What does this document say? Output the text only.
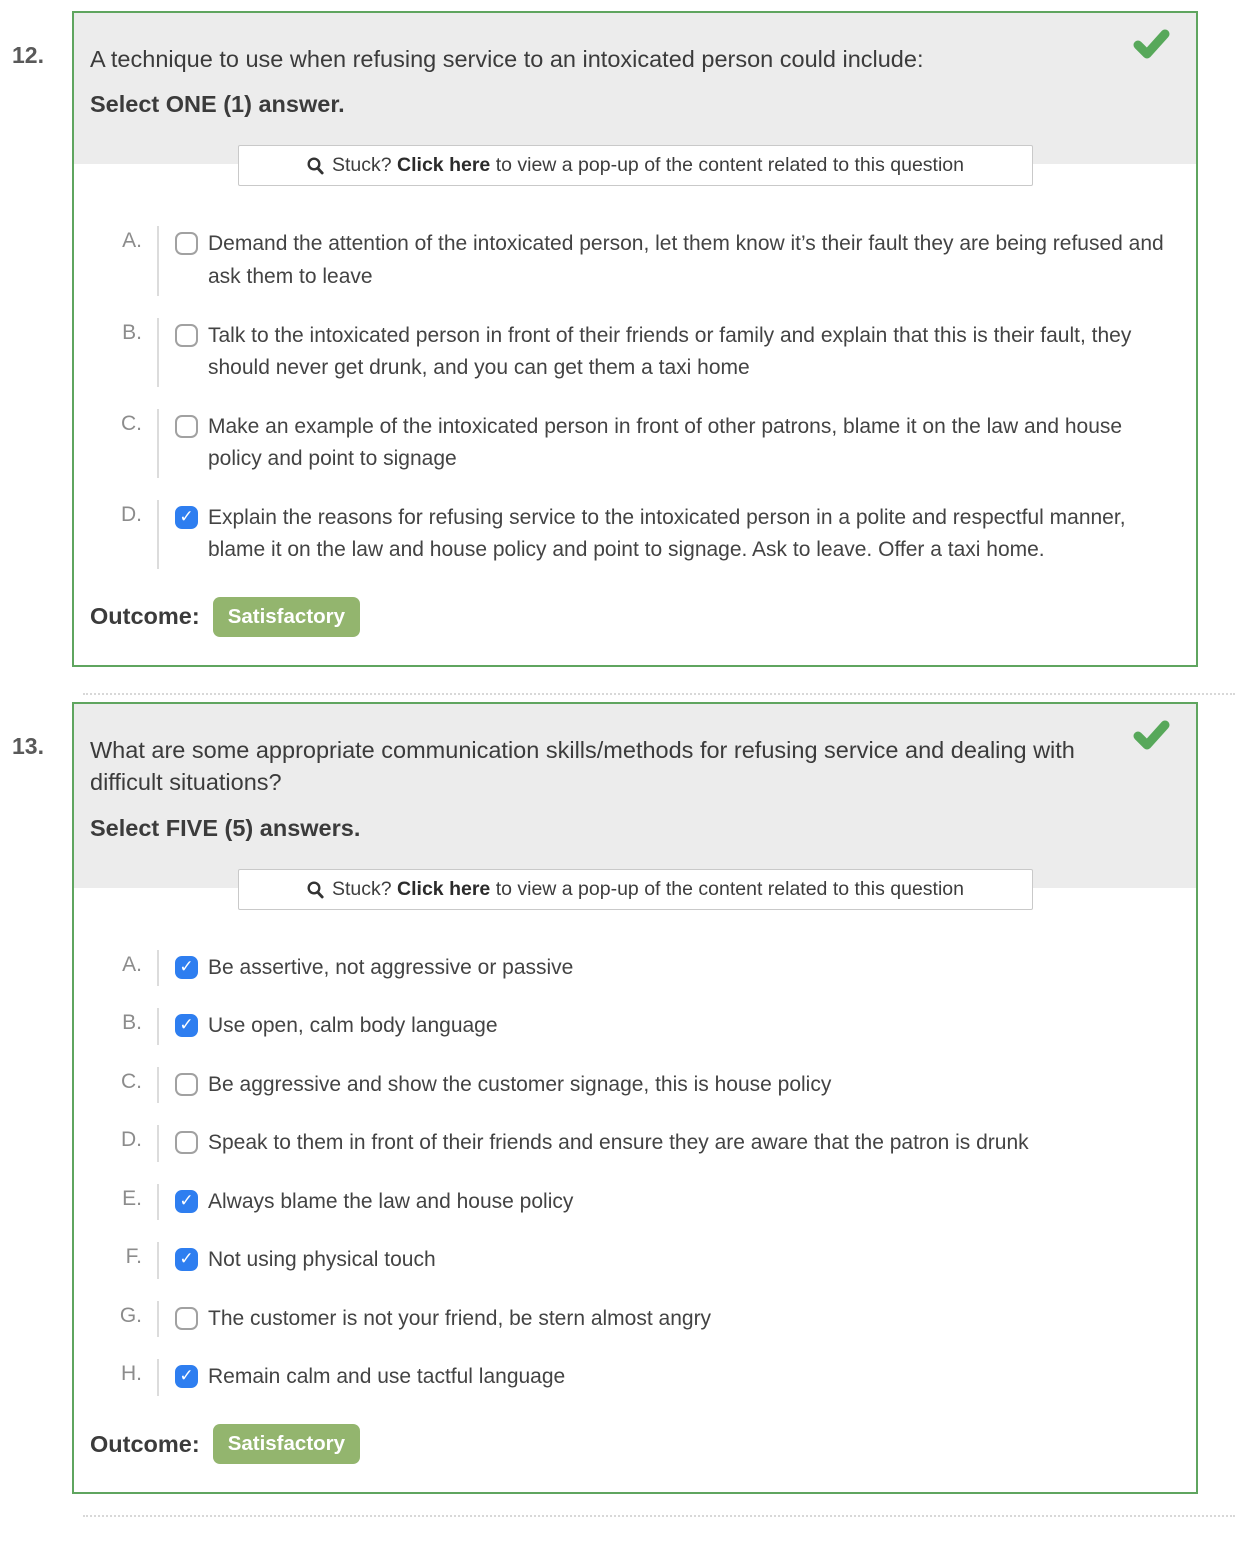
12. A technique to use when refusing service to an intoxicated person could include:
Select ONE (1) answer.
Stuck? Click here to view a pop-up of the content related to this question
A.	Demand the attention of the intoxicated person, let them know it’s their fault they are being refused and ask them to leave
B.	Talk to the intoxicated person in front of their friends or family and explain that this is their fault, they should never get drunk, and you can get them a taxi home
C.	Make an example of the intoxicated person in front of other patrons, blame it on the law and house policy and point to signage
D. ✓	Explain the reasons for refusing service to the intoxicated person in a polite and respectful manner, blame it on the law and house policy and point to signage. Ask to leave. Offer a taxi home.
Outcome:	Satisfactory
13. What are some appropriate communication skills/methods for refusing service and dealing with difficult situations?
Select FIVE (5) answers.
Stuck? Click here to view a pop-up of the content related to this question
A. ✓	Be assertive, not aggressive or passive
B. ✓	Use open, calm body language
C.	Be aggressive and show the customer signage, this is house policy
D.	Speak to them in front of their friends and ensure they are aware that the patron is drunk
E. ✓	Always blame the law and house policy
F. ✓	Not using physical touch
G.	The customer is not your friend, be stern almost angry
H. ✓	Remain calm and use tactful language
Outcome:	Satisfactory
